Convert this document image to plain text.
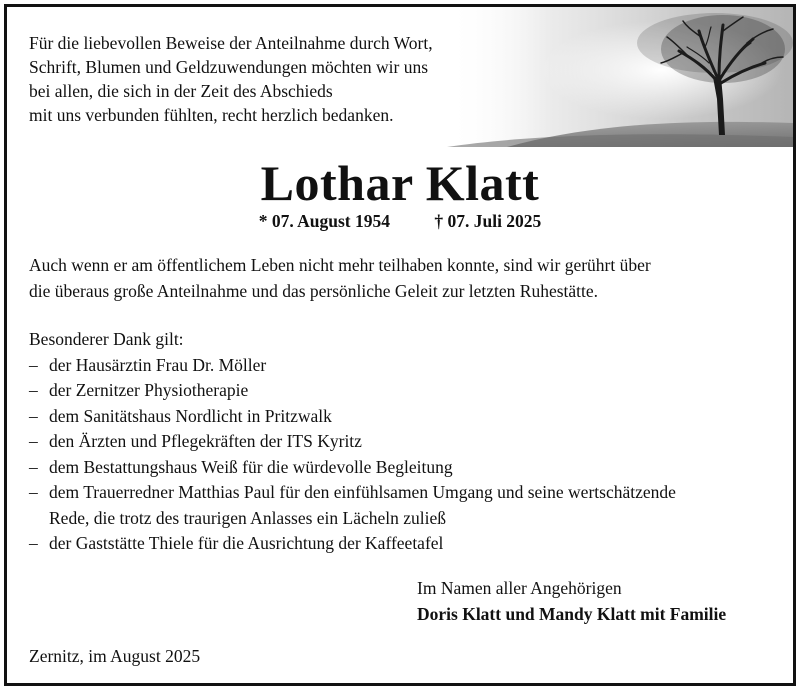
Für die liebevollen Beweise der Anteilnahme durch Wort,
Schrift, Blumen und Geldzuwendungen möchten wir uns
bei allen, die sich in der Zeit des Abschieds
mit uns verbunden fühlten, recht herzlich bedanken.
Lothar Klatt
* 07. August 1954	† 07. Juli 2025
Auch wenn er am öffentlichem Leben nicht mehr teilhaben konnte, sind wir gerührt über
die überaus große Anteilnahme und das persönliche Geleit zur letzten Ruhestätte.
Besonderer Dank gilt:
– der Hausärztin Frau Dr. Möller
– der Zernitzer Physiotherapie
– dem Sanitätshaus Nordlicht in Pritzwalk
– den Ärzten und Pflegekräften der ITS Kyritz
– dem Bestattungshaus Weiß für die würdevolle Begleitung
– dem Trauerredner Matthias Paul für den einfühlsamen Umgang und seine wertschätzende
Rede, die trotz des traurigen Anlasses ein Lächeln zuließ
– der Gaststätte Thiele für die Ausrichtung der Kaffeetafel
Im Namen aller Angehörigen
Doris Klatt und Mandy Klatt mit Familie
Zernitz, im August 2025
